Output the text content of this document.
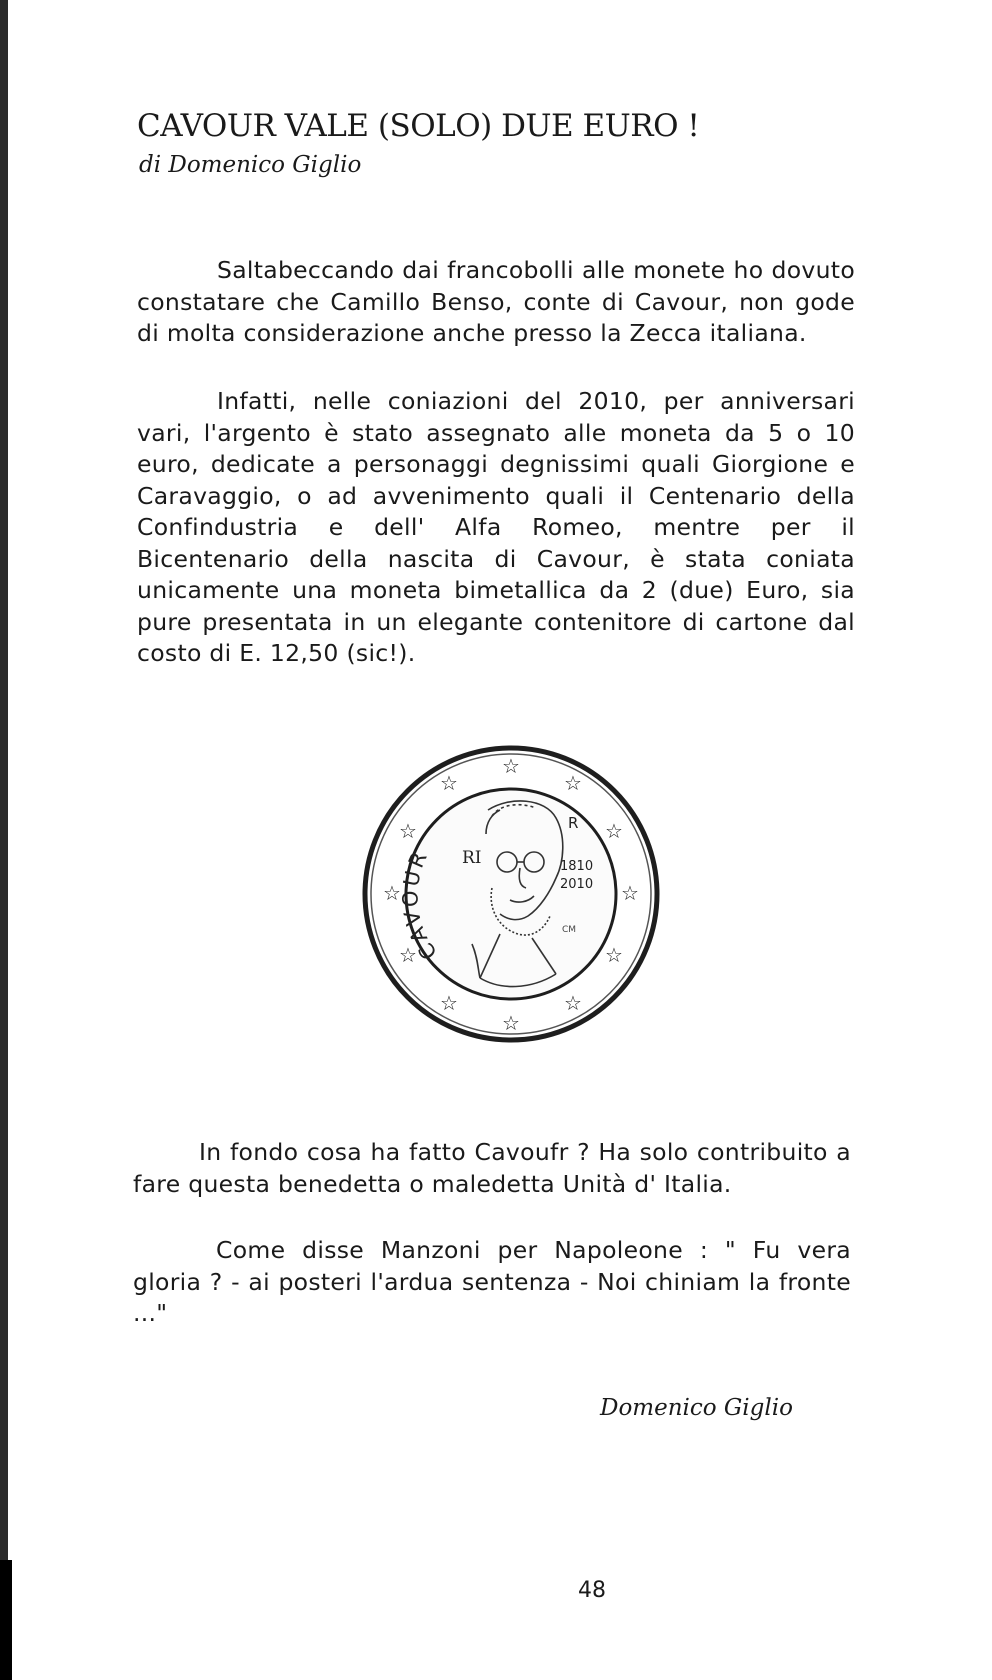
CAVOUR VALE (SOLO) DUE EURO !
di Domenico Giglio

Saltabeccando dai francobolli alle monete ho dovuto constatare che Camillo Benso, conte di Cavour, non gode di molta considerazione anche presso la Zecca italiana.

Infatti, nelle coniazioni del 2010, per anniversari vari, l'argento è stato assegnato alle moneta da 5 o 10 euro, dedicate a personaggi degnissimi quali Giorgione e Caravaggio, o ad avvenimento quali il Centenario della Confindustria e dell' Alfa Romeo, mentre per il Bicentenario della nascita di Cavour, è stata coniata unicamente una moneta bimetallica da 2 (due) Euro, sia pure presentata in un elegante contenitore di cartone dal costo di E. 12,50 (sic!).

☆
☆
☆
☆
☆
☆
☆
☆
☆
☆
☆
☆
CAVOUR	RI
R
1810
2010
CM

In fondo cosa ha fatto Cavoufr ? Ha solo contribuito a fare questa benedetta o maledetta Unità d' Italia.

Come disse Manzoni per Napoleone : " Fu vera gloria ? - ai posteri l'ardua sentenza - Noi chiniam la fronte ..."

Domenico Giglio
48
